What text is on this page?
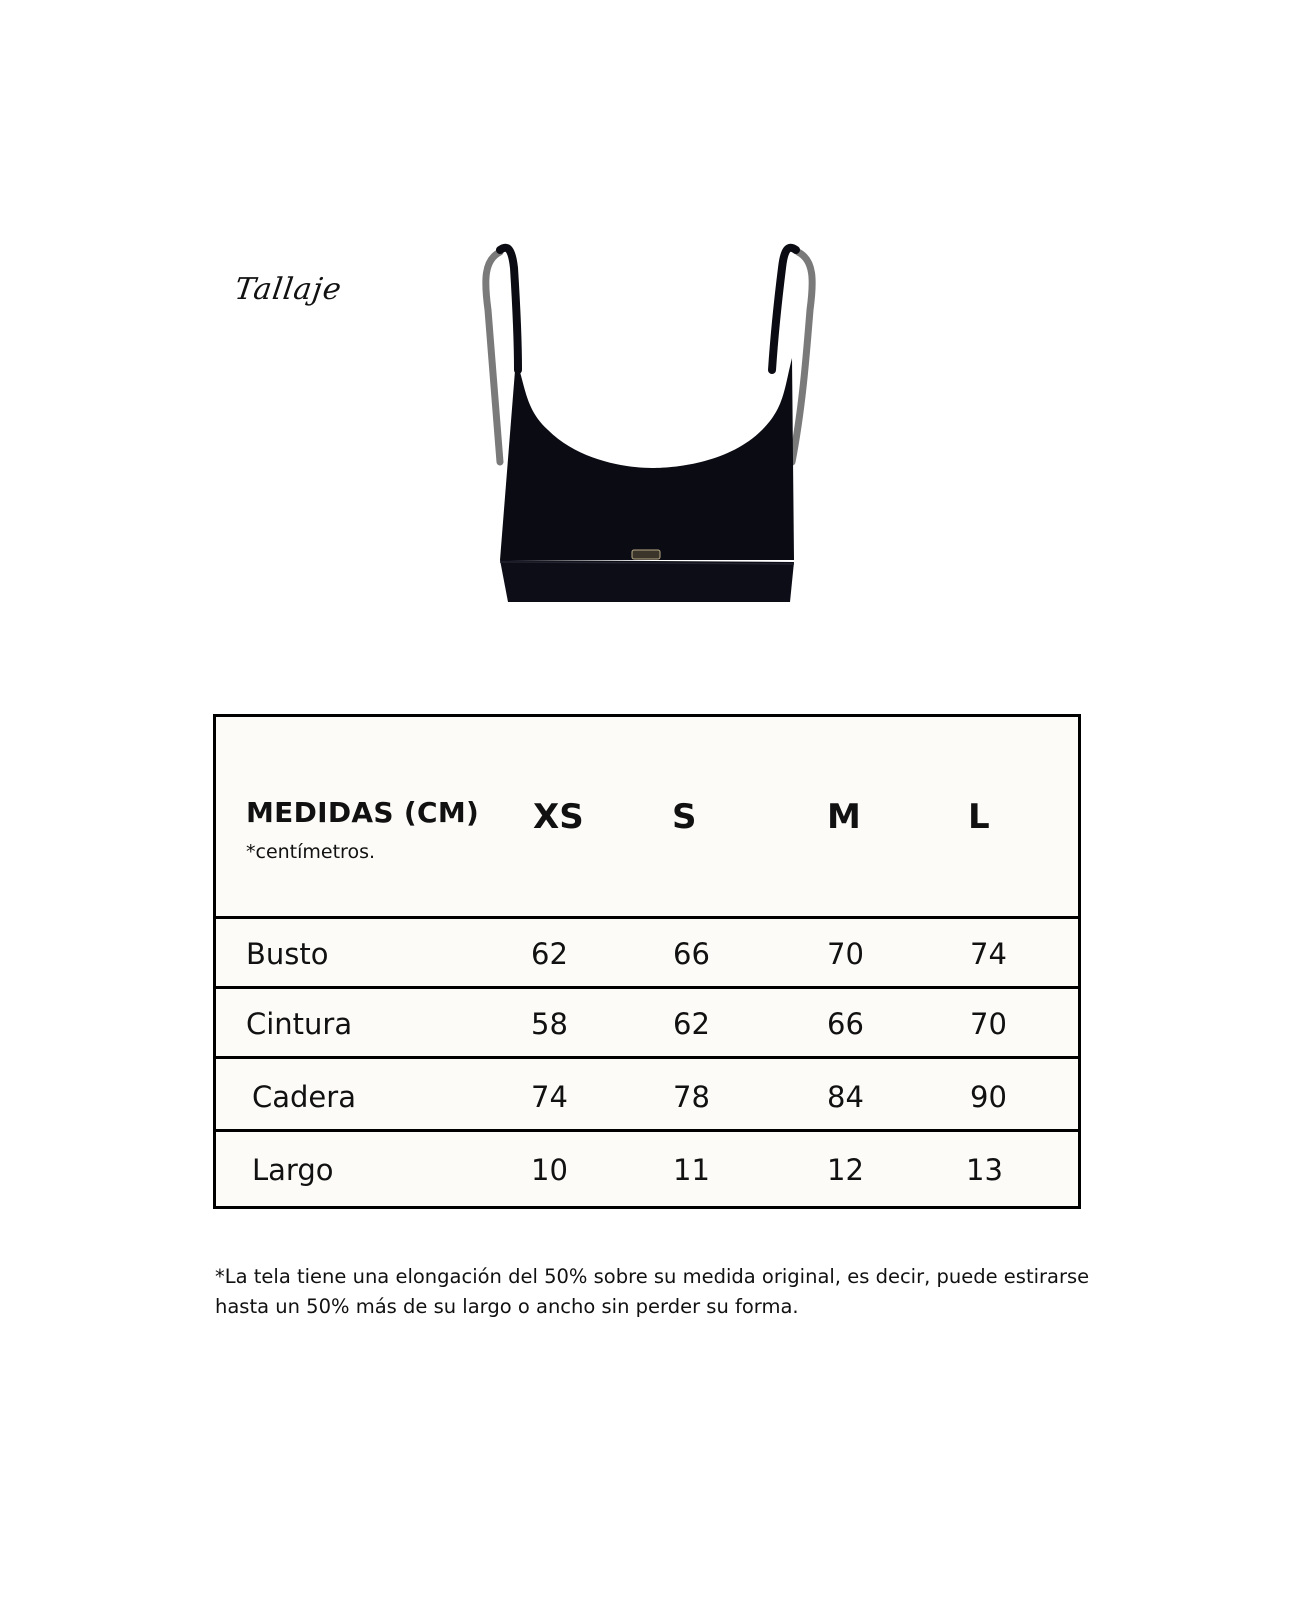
Tallaje
MEDIDAS (CM)
*centímetros.
XS	S	M	L
Busto	62	66	70	74
Cintura	58	62	66	70
Cadera	74	78	84	90
Largo	10	11	12	13
*La tela tiene una elongación del 50% sobre su medida original, es decir, puede estirarse hasta un 50% más de su largo o ancho sin perder su forma.
